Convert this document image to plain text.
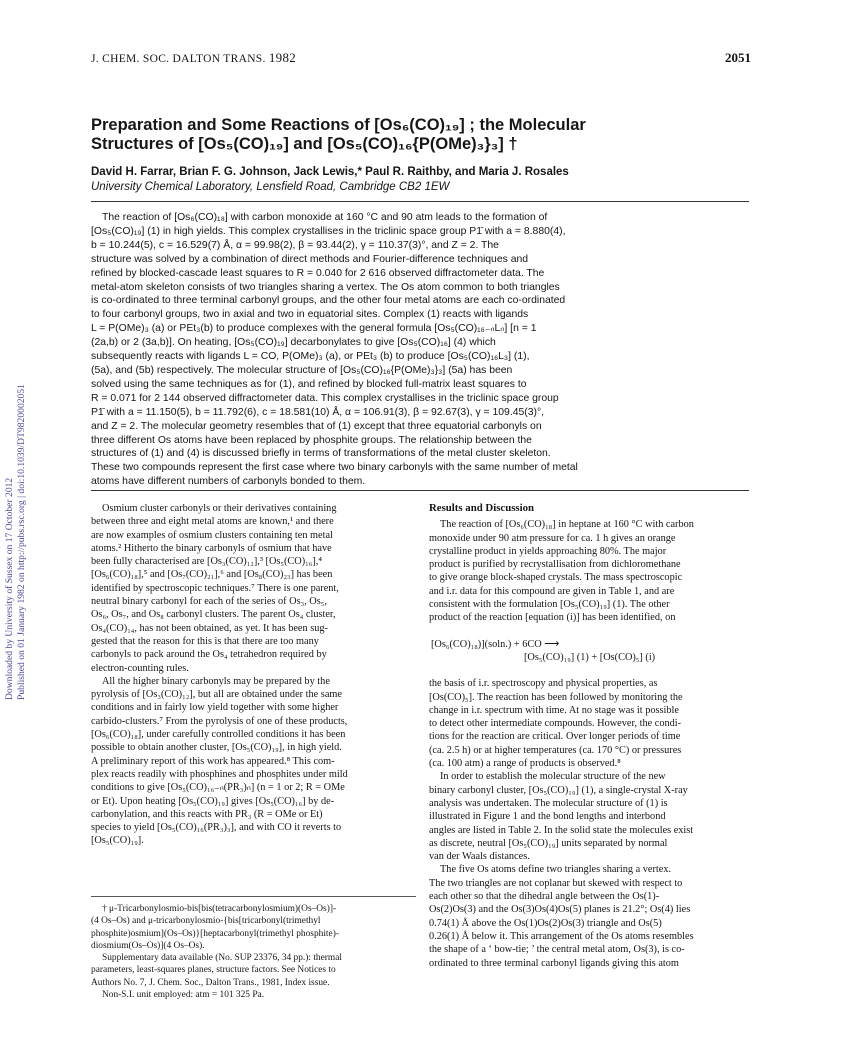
J. CHEM. SOC. DALTON TRANS. 1982	2051
Downloaded by University of Sussex on 17 October 2012 Published on 01 January 1982 on http://pubs.rsc.org | doi:10.1039/DT9820002051
Preparation and Some Reactions of [Os₆(CO)₁₉] ; the Molecular
Structures of [Os₅(CO)₁₉] and [Os₅(CO)₁₆{P(OMe)₃}₃] †
David H. Farrar, Brian F. G. Johnson, Jack Lewis,* Paul R. Raithby, and Maria J. Rosales
University Chemical Laboratory, Lensfield Road, Cambridge CB2 1EW
The reaction of [Os₆(CO)₁₈] with carbon monoxide at 160 °C and 90 atm leads to the formation of
[Os₅(CO)₁₉] (1) in high yields. This complex crystallises in the triclinic space group P1̄ with a = 8.880(4),
b = 10.244(5), c = 16.529(7) Å, α = 99.98(2), β = 93.44(2), γ = 110.37(3)°, and Z = 2. The
structure was solved by a combination of direct methods and Fourier-difference techniques and
refined by blocked-cascade least squares to R = 0.040 for 2 616 observed diffractometer data. The
metal-atom skeleton consists of two triangles sharing a vertex. The Os atom common to both triangles
is co-ordinated to three terminal carbonyl groups, and the other four metal atoms are each co-ordinated
to four carbonyl groups, two in axial and two in equatorial sites. Complex (1) reacts with ligands
L = P(OMe)₃ (a) or PEt₃(b) to produce complexes with the general formula [Os₅(CO)₁₆₋ₙLₙ] [n = 1
(2a,b) or 2 (3a,b)]. On heating, [Os₅(CO)₁₉] decarbonylates to give [Os₅(CO)₁₆] (4) which
subsequently reacts with ligands L = CO, P(OMe)₃ (a), or PEt₃ (b) to produce [Os₅(CO)₁₆L₃] (1),
(5a), and (5b) respectively. The molecular structure of [Os₅(CO)₁₆{P(OMe)₃}₃] (5a) has been
solved using the same techniques as for (1), and refined by blocked full-matrix least squares to
R = 0.071 for 2 144 observed diffractometer data. This complex crystallises in the triclinic space group
P1̄ with a = 11.150(5), b = 11.792(6), c = 18.581(10) Å, α = 106.91(3), β = 92.67(3), γ = 109.45(3)°,
and Z = 2. The molecular geometry resembles that of (1) except that three equatorial carbonyls on
three different Os atoms have been replaced by phosphite groups. The relationship between the
structures of (1) and (4) is discussed briefly in terms of transformations of the metal cluster skeleton.
These two compounds represent the first case where two binary carbonyls with the same number of metal
atoms have different numbers of carbonyls bonded to them.
Osmium cluster carbonyls or their derivatives containing
between three and eight metal atoms are known,¹ and there
are now examples of osmium clusters containing ten metal
atoms.² Hitherto the binary carbonyls of osmium that have
been fully characterised are [Os₃(CO)₁₂],³ [Os₅(CO)₁₆],⁴
[Os₆(CO)₁₈],⁵ and [Os₇(CO)₂₁],⁶ and [Os₈(CO)₂₃] has been
identified by spectroscopic techniques.⁷ There is one parent,
neutral binary carbonyl for each of the series of Os₃, Os₅,
Os₆, Os₇, and Os₈ carbonyl clusters. The parent Os₄ cluster,
Os₄(CO)₁₄, has not been obtained, as yet. It has been sug-
gested that the reason for this is that there are too many
carbonyls to pack around the Os₄ tetrahedron required by
electron-counting rules.
All the higher binary carbonyls may be prepared by the
pyrolysis of [Os₃(CO)₁₂], but all are obtained under the same
conditions and in fairly low yield together with some higher
carbido-clusters.⁷ From the pyrolysis of one of these products,
[Os₆(CO)₁₈], under carefully controlled conditions it has been
possible to obtain another cluster, [Os₅(CO)₁₉], in high yield.
A preliminary report of this work has appeared.⁸ This com-
plex reacts readily with phosphines and phosphites under mild
conditions to give [Os₅(CO)₁₆₋ₙ(PR₃)ₙ] (n = 1 or 2; R = OMe
or Et). Upon heating [Os₅(CO)₁₉] gives [Os₅(CO)₁₆] by de-
carbonylation, and this reacts with PR₃ (R = OMe or Et)
species to yield [Os₅(CO)₁₆(PR₃)₃], and with CO it reverts to
[Os₅(CO)₁₉].
† μ-Tricarbonylosmio-bis[bis(tetracarbonylosmium)(Os–Os)]-
(4 Os–Os) and μ-tricarbonylosmio-{bis[tricarbonyl(trimethyl
phosphite)osmium](Os–Os)}[heptacarbonyl(trimethyl phosphite)-
diosmium(Os–Os)](4 Os–Os).
Supplementary data available (No. SUP 23376, 34 pp.): thermal
parameters, least-squares planes, structure factors. See Notices to
Authors No. 7, J. Chem. Soc., Dalton Trans., 1981, Index issue.
Non-S.I. unit employed: atm = 101 325 Pa.
Results and Discussion
The reaction of [Os₆(CO)₁₈] in heptane at 160 °C with carbon
monoxide under 90 atm pressure for ca. 1 h gives an orange
crystalline product in yields approaching 80%. The major
product is purified by recrystallisation from dichloromethane
to give orange block-shaped crystals. The mass spectroscopic
and i.r. data for this compound are given in Table 1, and are
consistent with the formulation [Os₅(CO)₁₉] (1). The other
product of the reaction [equation (i)] has been identified, on
[Os₆(CO)₁₈)](soln.) + 6CO ⟶
[Os₅(CO)₁₉] (1) + [Os(CO)₅] (i)
the basis of i.r. spectroscopy and physical properties, as
[Os(CO)₅]. The reaction has been followed by monitoring the
change in i.r. spectrum with time. At no stage was it possible
to detect other intermediate compounds. However, the condi-
tions for the reaction are critical. Over longer periods of time
(ca. 2.5 h) or at higher temperatures (ca. 170 °C) or pressures
(ca. 100 atm) a range of products is observed.⁸
In order to establish the molecular structure of the new
binary carbonyl cluster, [Os₅(CO)₁₉] (1), a single-crystal X-ray
analysis was undertaken. The molecular structure of (1) is
illustrated in Figure 1 and the bond lengths and interbond
angles are listed in Table 2. In the solid state the molecules exist
as discrete, neutral [Os₅(CO)₁₉] units separated by normal
van der Waals distances.
The five Os atoms define two triangles sharing a vertex.
The two triangles are not coplanar but skewed with respect to
each other so that the dihedral angle between the Os(1)-
Os(2)Os(3) and the Os(3)Os(4)Os(5) planes is 21.2°; Os(4) lies
0.74(1) Å above the Os(1)Os(2)Os(3) triangle and Os(5)
0.26(1) Å below it. This arrangement of the Os atoms resembles
the shape of a ‘ bow-tie; ’ the central metal atom, Os(3), is co-
ordinated to three terminal carbonyl ligands giving this atom
